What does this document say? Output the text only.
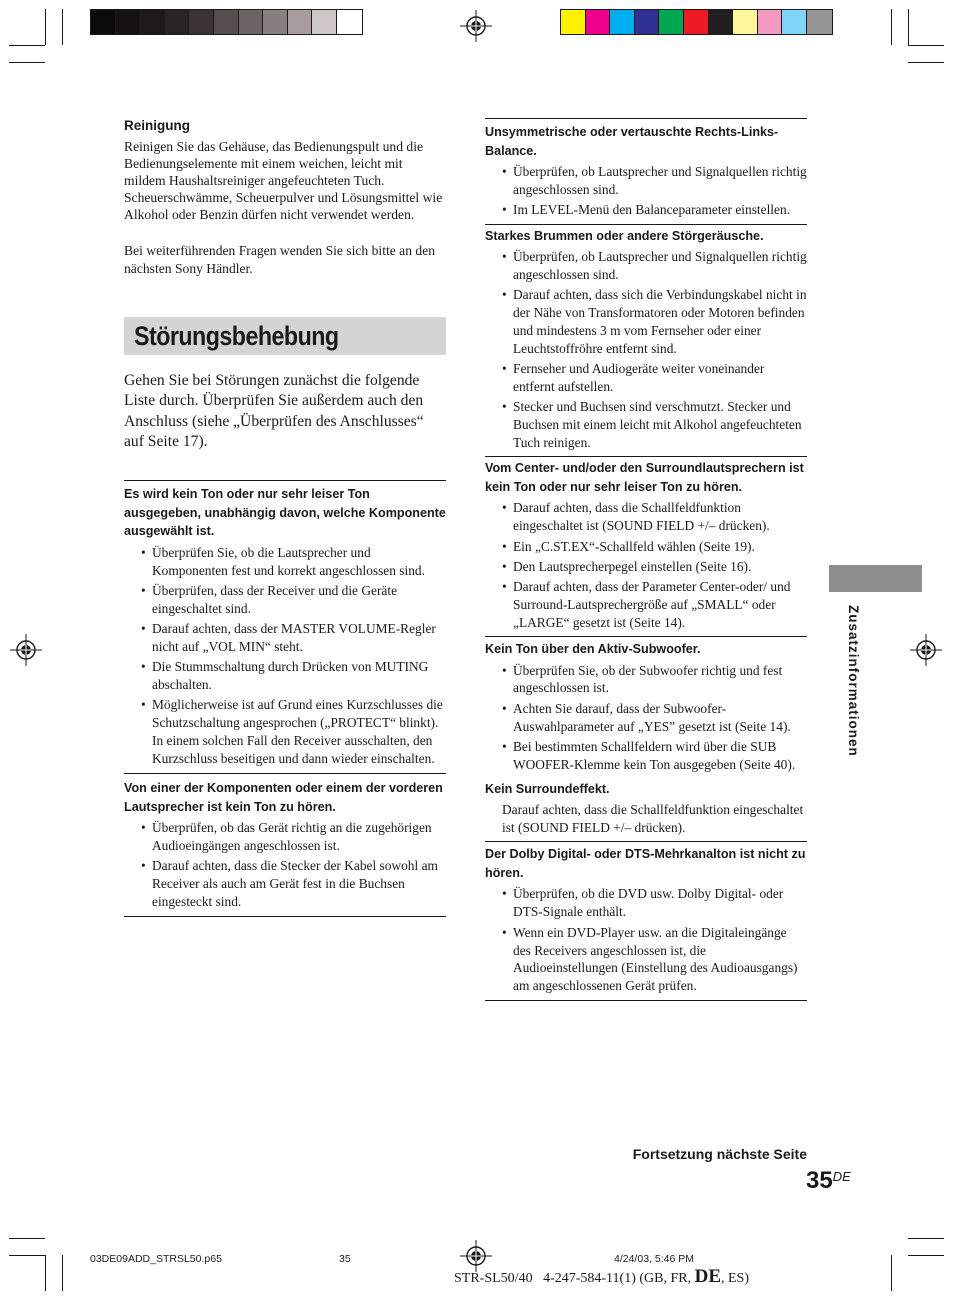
Reinigung

Reinigen Sie das Gehäuse, das Bedienungspult und die Bedienungselemente mit einem weichen, leicht mit mildem Haushaltsreiniger angefeuchteten Tuch. Scheuerschwämme, Scheuerpulver und Lösungsmittel wie Alkohol oder Benzin dürfen nicht verwendet werden.

Bei weiterführenden Fragen wenden Sie sich bitte an den nächsten Sony Händler.

Störungsbehebung

Gehen Sie bei Störungen zunächst die folgende Liste durch. Überprüfen Sie außerdem auch den Anschluss (siehe „Überprüfen des Anschlusses“ auf Seite 17).

Es wird kein Ton oder nur sehr leiser Ton ausgegeben, unabhängig davon, welche Komponente ausgewählt ist.

• Überprüfen Sie, ob die Lautsprecher und Komponenten fest und korrekt angeschlossen sind.
• Überprüfen, dass der Receiver und die Geräte eingeschaltet sind.
• Darauf achten, dass der MASTER VOLUME-Regler nicht auf „VOL MIN“ steht.
• Die Stummschaltung durch Drücken von MUTING abschalten.
• Möglicherweise ist auf Grund eines Kurzschlusses die Schutzschaltung angesprochen („PROTECT“ blinkt). In einem solchen Fall den Receiver ausschalten, den Kurzschluss beseitigen und dann wieder einschalten.

Von einer der Komponenten oder einem der vorderen Lautsprecher ist kein Ton zu hören.

• Überprüfen, ob das Gerät richtig an die zugehörigen Audioeingängen angeschlossen ist.
• Darauf achten, dass die Stecker der Kabel sowohl am Receiver als auch am Gerät fest in die Buchsen eingesteckt sind.

Unsymmetrische oder vertauschte Rechts-Links-Balance.

• Überprüfen, ob Lautsprecher und Signalquellen richtig angeschlossen sind.
• Im LEVEL-Menü den Balanceparameter einstellen.

Starkes Brummen oder andere Störgeräusche.

• Überprüfen, ob Lautsprecher und Signalquellen richtig angeschlossen sind.
• Darauf achten, dass sich die Verbindungskabel nicht in der Nähe von Transformatoren oder Motoren befinden und mindestens 3 m vom Fernseher oder einer Leuchtstoffröhre entfernt sind.
• Fernseher und Audiogeräte weiter voneinander entfernt aufstellen.
• Stecker und Buchsen sind verschmutzt. Stecker und Buchsen mit einem leicht mit Alkohol angefeuchteten Tuch reinigen.

Vom Center- und/oder den Surroundlautsprechern ist kein Ton oder nur sehr leiser Ton zu hören.

• Darauf achten, dass die Schallfeldfunktion eingeschaltet ist (SOUND FIELD +/– drücken).
• Ein „C.ST.EX“-Schallfeld wählen (Seite 19).
• Den Lautsprecherpegel einstellen (Seite 16).
• Darauf achten, dass der Parameter Center-oder/ und Surround-Lautsprechergröße auf „SMALL“ oder „LARGE“ gesetzt ist (Seite 14).

Kein Ton über den Aktiv-Subwoofer.

• Überprüfen Sie, ob der Subwoofer richtig und fest angeschlossen ist.
• Achten Sie darauf, dass der Subwoofer-Auswahlparameter auf „YES” gesetzt ist (Seite 14).
• Bei bestimmten Schallfeldern wird über die SUB WOOFER-Klemme kein Ton ausgegeben (Seite 40).

Kein Surroundeffekt.

Darauf achten, dass die Schallfeldfunktion eingeschaltet ist (SOUND FIELD +/– drücken).

Der Dolby Digital- oder DTS-Mehrkanalton ist nicht zu hören.

• Überprüfen, ob die DVD usw. Dolby Digital- oder DTS-Signale enthält.
• Wenn ein DVD-Player usw. an die Digitaleingänge des Receivers angeschlossen ist, die Audioeinstellungen (Einstellung des Audioausgangs) am angeschlossenen Gerät prüfen.
Fortsetzung nächste Seite
35DE
Zusatzinformationen
03DE09ADD_STRSL50.p65	35	4/24/03, 5:46 PM
STR-SL50/40   4-247-584-11(1) (GB, FR, DE, ES)
